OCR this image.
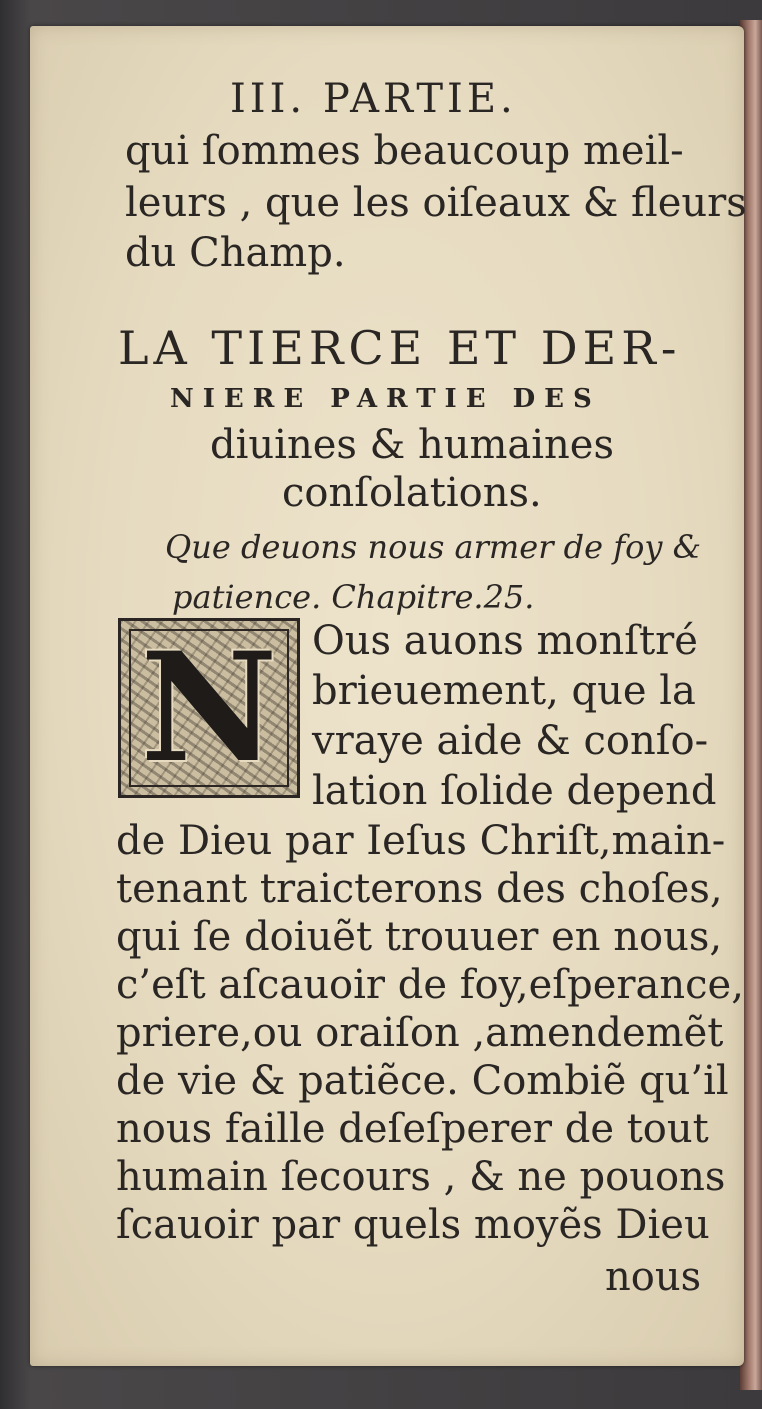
III. PARTIE.
qui ſommes beaucoup meil-
leurs , que les oiſeaux & fleurs
du Champ.
LA TIERCE ET DER-
NIERE PARTIE DES
diuines & humaines
conſolations.
Que deuons nous armer de foy &
patience. Chapitre.25.
N Ous auons monſtré
brieuement, que la
vraye aide & conſo-
lation ſolide depend
de Dieu par Ieſus Chriſt,main-
tenant traicterons des choſes,
qui ſe doiuẽt trouuer en nous,
c’eſt aſcauoir de foy,eſperance,
priere,ou oraiſon ,amendemẽt
de vie & patiẽce. Combiẽ qu’il
nous faille deſeſperer de tout
humain ſecours , & ne pouons
ſcauoir par quels moyẽs Dieu
nous
